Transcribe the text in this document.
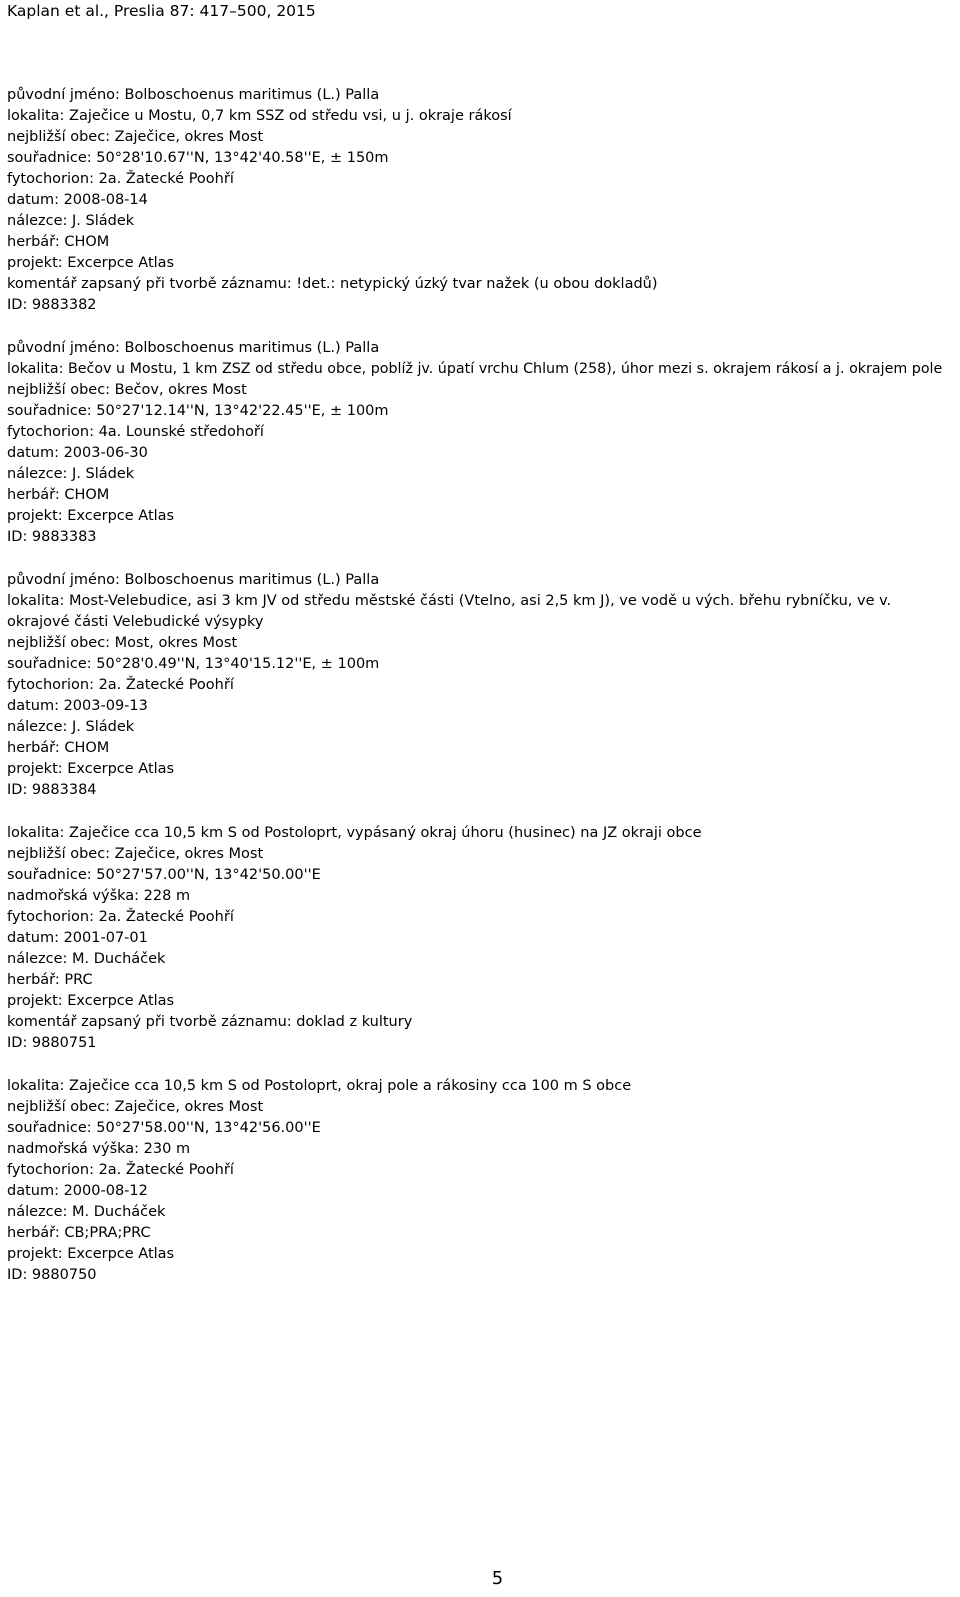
Kaplan et al., Preslia 87: 417–500, 2015
původní jméno: Bolboschoenus maritimus (L.) Palla
lokalita: Zaječice u Mostu, 0,7 km SSZ od středu vsi, u j. okraje rákosí
nejbližší obec: Zaječice, okres Most
souřadnice: 50°28'10.67''N, 13°42'40.58''E, ± 150m
fytochorion: 2a. Žatecké Poohří
datum: 2008-08-14
nálezce: J. Sládek
herbář: CHOM
projekt: Excerpce Atlas
komentář zapsaný při tvorbě záznamu: !det.: netypický úzký tvar nažek (u obou dokladů)
ID: 9883382
původní jméno: Bolboschoenus maritimus (L.) Palla
lokalita: Bečov u Mostu, 1 km ZSZ od středu obce, poblíž jv. úpatí vrchu Chlum (258), úhor mezi s. okrajem rákosí a j. okrajem pole
nejbližší obec: Bečov, okres Most
souřadnice: 50°27'12.14''N, 13°42'22.45''E, ± 100m
fytochorion: 4a. Lounské středohoří
datum: 2003-06-30
nálezce: J. Sládek
herbář: CHOM
projekt: Excerpce Atlas
ID: 9883383
původní jméno: Bolboschoenus maritimus (L.) Palla
lokalita: Most-Velebudice, asi 3 km JV od středu městské části (Vtelno, asi 2,5 km J), ve vodě u vých. břehu rybníčku, ve v. okrajové části Velebudické výsypky
nejbližší obec: Most, okres Most
souřadnice: 50°28'0.49''N, 13°40'15.12''E, ± 100m
fytochorion: 2a. Žatecké Poohří
datum: 2003-09-13
nálezce: J. Sládek
herbář: CHOM
projekt: Excerpce Atlas
ID: 9883384
lokalita: Zaječice cca 10,5 km S od Postoloprt, vypásaný okraj úhoru (husinec) na JZ okraji obce
nejbližší obec: Zaječice, okres Most
souřadnice: 50°27'57.00''N, 13°42'50.00''E
nadmořská výška: 228 m
fytochorion: 2a. Žatecké Poohří
datum: 2001-07-01
nálezce: M. Ducháček
herbář: PRC
projekt: Excerpce Atlas
komentář zapsaný při tvorbě záznamu: doklad z kultury
ID: 9880751
lokalita: Zaječice cca 10,5 km S od Postoloprt, okraj pole a rákosiny cca 100 m S obce
nejbližší obec: Zaječice, okres Most
souřadnice: 50°27'58.00''N, 13°42'56.00''E
nadmořská výška: 230 m
fytochorion: 2a. Žatecké Poohří
datum: 2000-08-12
nálezce: M. Ducháček
herbář: CB;PRA;PRC
projekt: Excerpce Atlas
ID: 9880750
5
